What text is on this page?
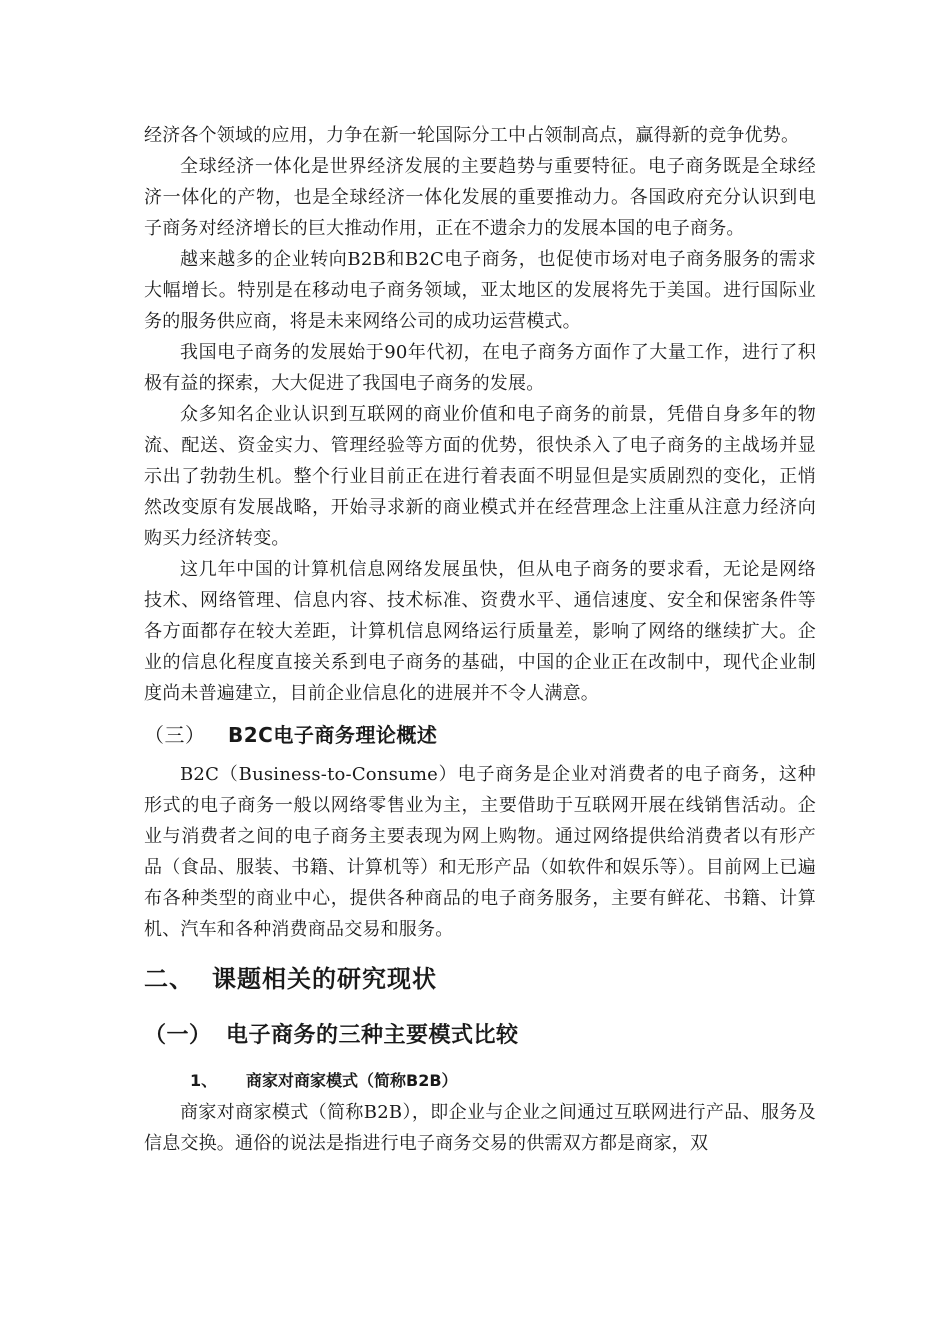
经济各个领域的应用，力争在新一轮国际分工中占领制高点，赢得新的竞争优势。

全球经济一体化是世界经济发展的主要趋势与重要特征。电子商务既是全球经济一体化的产物，也是全球经济一体化发展的重要推动力。各国政府充分认识到电子商务对经济增长的巨大推动作用，正在不遗余力的发展本国的电子商务。

越来越多的企业转向B2B和B2C电子商务，也促使市场对电子商务服务的需求大幅增长。特别是在移动电子商务领域，亚太地区的发展将先于美国。进行国际业务的服务供应商，将是未来网络公司的成功运营模式。

我国电子商务的发展始于90年代初，在电子商务方面作了大量工作，进行了积极有益的探索，大大促进了我国电子商务的发展。

众多知名企业认识到互联网的商业价值和电子商务的前景，凭借自身多年的物流、配送、资金实力、管理经验等方面的优势，很快杀入了电子商务的主战场并显示出了勃勃生机。整个行业目前正在进行着表面不明显但是实质剧烈的变化，正悄然改变原有发展战略，开始寻求新的商业模式并在经营理念上注重从注意力经济向购买力经济转变。

这几年中国的计算机信息网络发展虽快，但从电子商务的要求看，无论是网络技术、网络管理、信息内容、技术标准、资费水平、通信速度、安全和保密条件等各方面都存在较大差距，计算机信息网络运行质量差，影响了网络的继续扩大。企业的信息化程度直接关系到电子商务的基础，中国的企业正在改制中，现代企业制度尚未普遍建立，目前企业信息化的进展并不令人满意。

（三） B2C电子商务理论概述

B2C（Business-to-Consume）电子商务是企业对消费者的电子商务，这种形式的电子商务一般以网络零售业为主，主要借助于互联网开展在线销售活动。企业与消费者之间的电子商务主要表现为网上购物。通过网络提供给消费者以有形产品（食品、服装、书籍、计算机等）和无形产品（如软件和娱乐等）。目前网上已遍布各种类型的商业中心，提供各种商品的电子商务服务，主要有鲜花、书籍、计算机、汽车和各种消费商品交易和服务。

二、 课题相关的研究现状
（一） 电子商务的三种主要模式比较
1、 商家对商家模式（简称B2B）

商家对商家模式（简称B2B），即企业与企业之间通过互联网进行产品、服务及信息交换。通俗的说法是指进行电子商务交易的供需双方都是商家，双
